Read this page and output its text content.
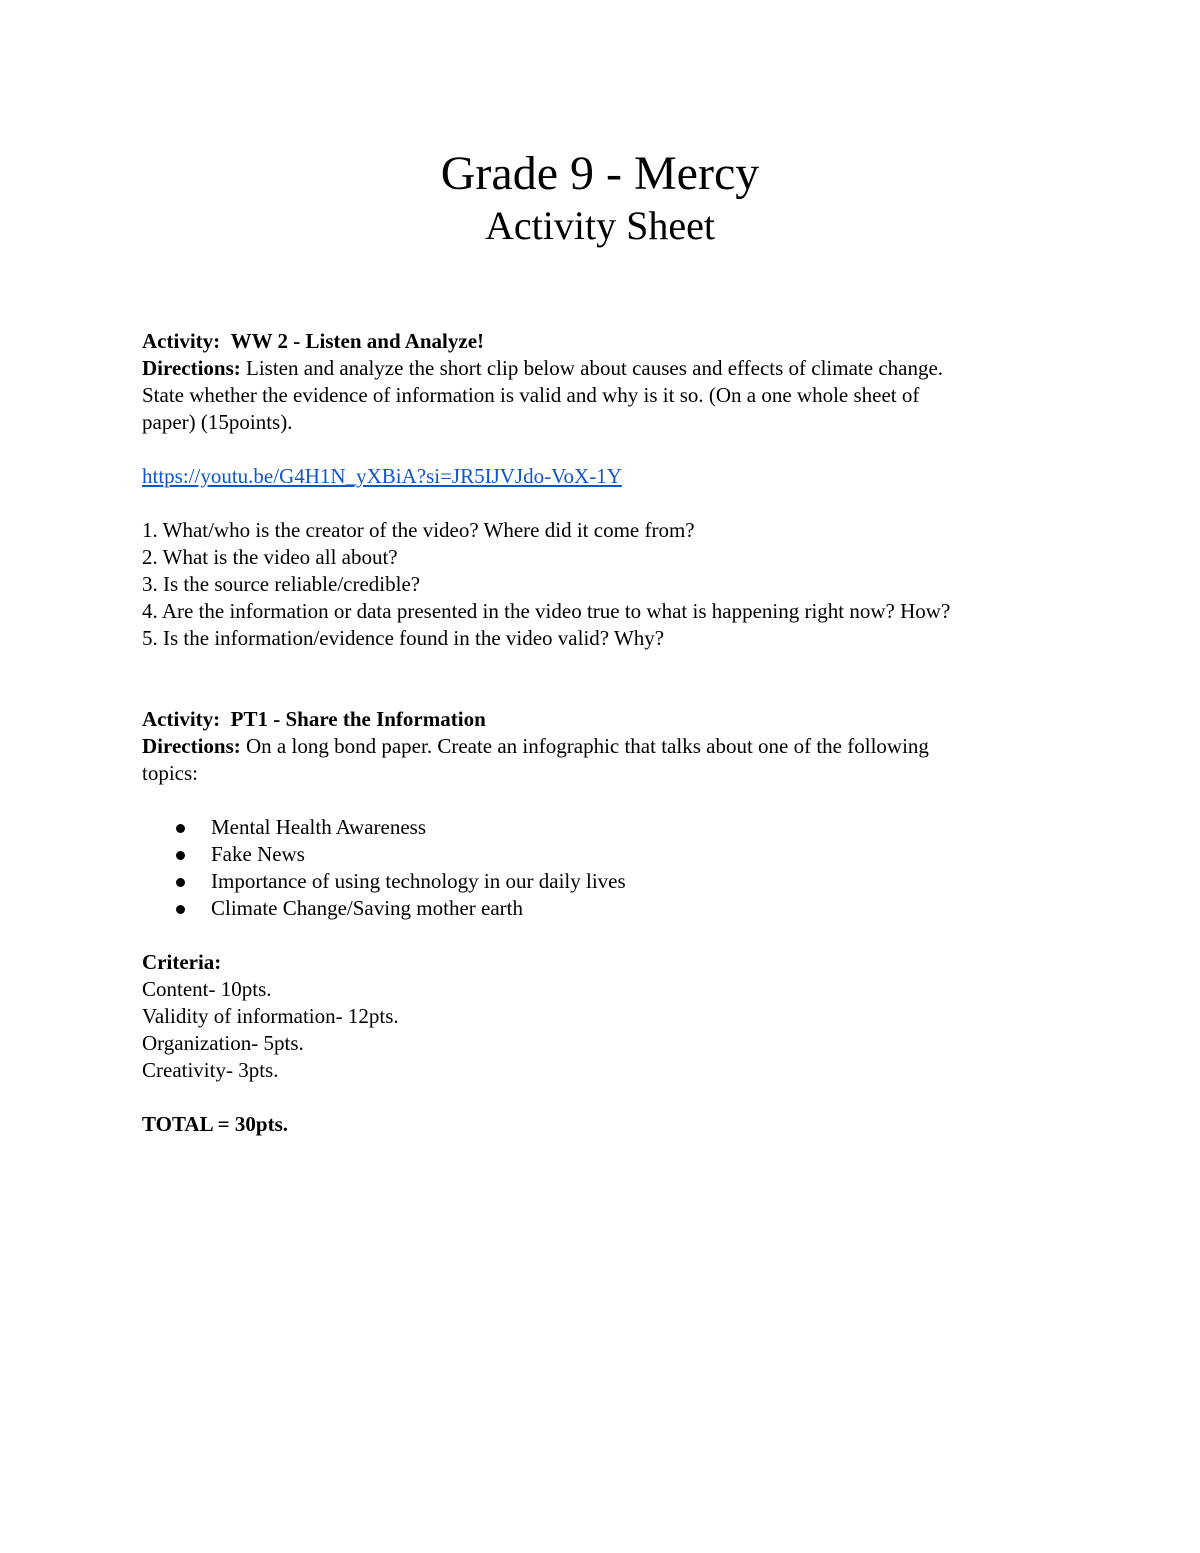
Grade 9 - Mercy
Activity Sheet

Activity: WW 2 - Listen and Analyze!

Directions: Listen and analyze the short clip below about causes and effects of climate change.

State whether the evidence of information is valid and why is it so. (On a one whole sheet of

paper) (15points).

https://youtu.be/G4H1N_yXBiA?si=JR5IJVJdo-VoX-1Y

1. What/who is the creator of the video? Where did it come from?

2. What is the video all about?

3. Is the source reliable/credible?

4. Are the information or data presented in the video true to what is happening right now? How?

5. Is the information/evidence found in the video valid? Why?

Activity: PT1 - Share the Information

Directions: On a long bond paper. Create an infographic that talks about one of the following

topics:

Mental Health Awareness
Fake News
Importance of using technology in our daily lives
Climate Change/Saving mother earth

Criteria:

Content- 10pts.

Validity of information- 12pts.

Organization- 5pts.

Creativity- 3pts.

TOTAL = 30pts.
